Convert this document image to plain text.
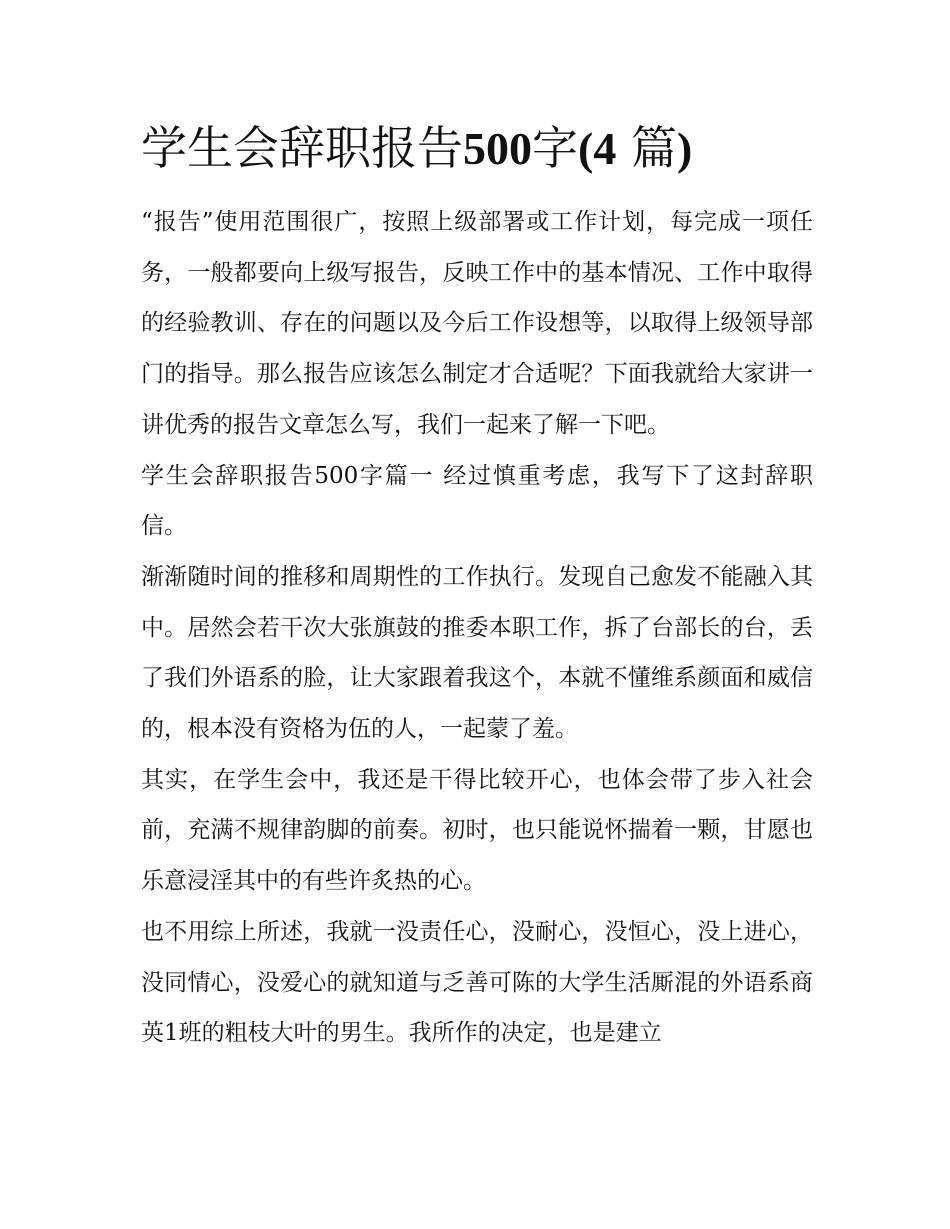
学生会辞职报告500字(4 篇)

“报告”使用范围很广，按照上级部署或工作计划，每完成一项任务，一般都要向上级写报告，反映工作中的基本情况、工作中取得的经验教训、存在的问题以及今后工作设想等，以取得上级领导部门的指导。那么报告应该怎么制定才合适呢？下面我就给大家讲一讲优秀的报告文章怎么写，我们一起来了解一下吧。

学生会辞职报告500字篇一 经过慎重考虑，我写下了这封辞职信。

渐渐随时间的推移和周期性的工作执行。发现自己愈发不能融入其中。居然会若干次大张旗鼓的推委本职工作，拆了台部长的台，丢了我们外语系的脸，让大家跟着我这个，本就不懂维系颜面和威信的，根本没有资格为伍的人，一起蒙了羞。

其实，在学生会中，我还是干得比较开心，也体会带了步入社会前，充满不规律韵脚的前奏。初时，也只能说怀揣着一颗，甘愿也乐意浸淫其中的有些许炙热的心。

也不用综上所述，我就一没责任心，没耐心，没恒心，没上进心，没同情心，没爱心的就知道与乏善可陈的大学生活厮混的外语系商英1班的粗枝大叶的男生。我所作的决定，也是建立
